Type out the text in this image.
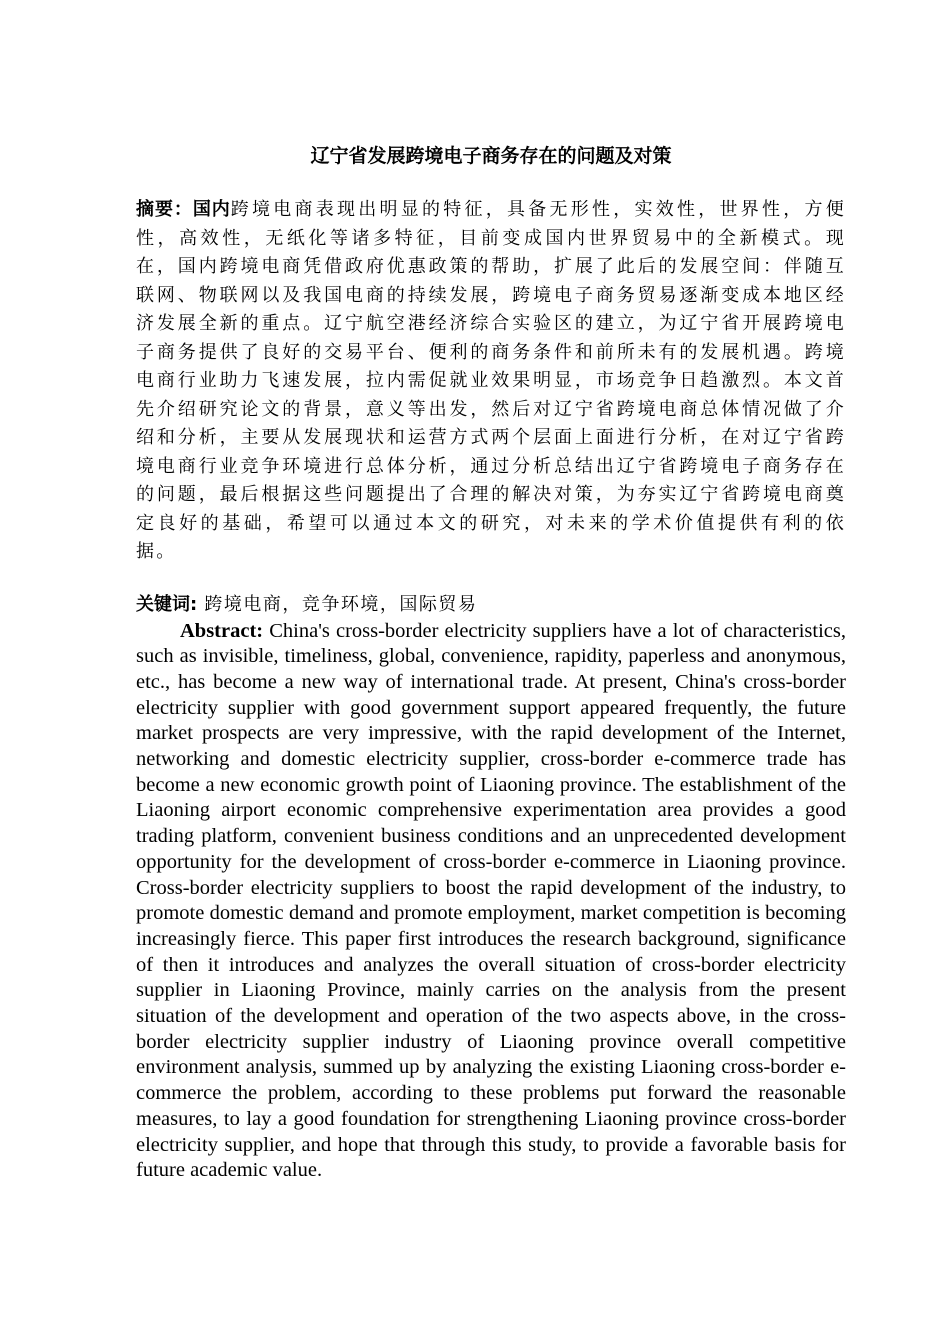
辽宁省发展跨境电子商务存在的问题及对策

摘要：国内跨境电商表现出明显的特征，具备无形性，实效性，世界性，方便性，高效性，无纸化等诸多特征，目前变成国内世界贸易中的全新模式。现在，国内跨境电商凭借政府优惠政策的帮助，扩展了此后的发展空间：伴随互联网、物联网以及我国电商的持续发展，跨境电子商务贸易逐渐变成本地区经济发展全新的重点。辽宁航空港经济综合实验区的建立，为辽宁省开展跨境电子商务提供了良好的交易平台、便利的商务条件和前所未有的发展机遇。跨境电商行业助力飞速发展，拉内需促就业效果明显，市场竞争日趋激烈。本文首先介绍研究论文的背景，意义等出发，然后对辽宁省跨境电商总体情况做了介绍和分析，主要从发展现状和运营方式两个层面上面进行分析，在对辽宁省跨境电商行业竞争环境进行总体分析，通过分析总结出辽宁省跨境电子商务存在的问题，最后根据这些问题提出了合理的解决对策，为夯实辽宁省跨境电商奠定良好的基础，希望可以通过本文的研究，对未来的学术价值提供有利的依据。

关键词: 跨境电商，竞争环境，国际贸易

Abstract: China's cross-border electricity suppliers have a lot of characteristics, such as invisible, timeliness, global, convenience, rapidity, paperless and anonymous, etc., has become a new way of international trade. At present, China's cross-border electricity supplier with good government support appeared frequently, the future market prospects are very impressive, with the rapid development of the Internet, networking and domestic electricity supplier, cross-border e-commerce trade has become a new economic growth point of Liaoning province. The establishment of the Liaoning airport economic comprehensive experimentation area provides a good trading platform, convenient business conditions and an unprecedented development opportunity for the development of cross-border e-commerce in Liaoning province. Cross-border electricity suppliers to boost the rapid development of the industry, to promote domestic demand and promote employment, market competition is becoming increasingly fierce. This paper first introduces the research background, significance of then it introduces and analyzes the overall situation of cross-border electricity supplier in Liaoning Province, mainly carries on the analysis from the present situation of the development and operation of the two aspects above, in the cross-border electricity supplier industry of Liaoning province overall competitive environment analysis, summed up by analyzing the existing Liaoning cross-border e-commerce the problem, according to these problems put forward the reasonable measures, to lay a good foundation for strengthening Liaoning province cross-border electricity supplier, and hope that through this study, to provide a favorable basis for future academic value.
